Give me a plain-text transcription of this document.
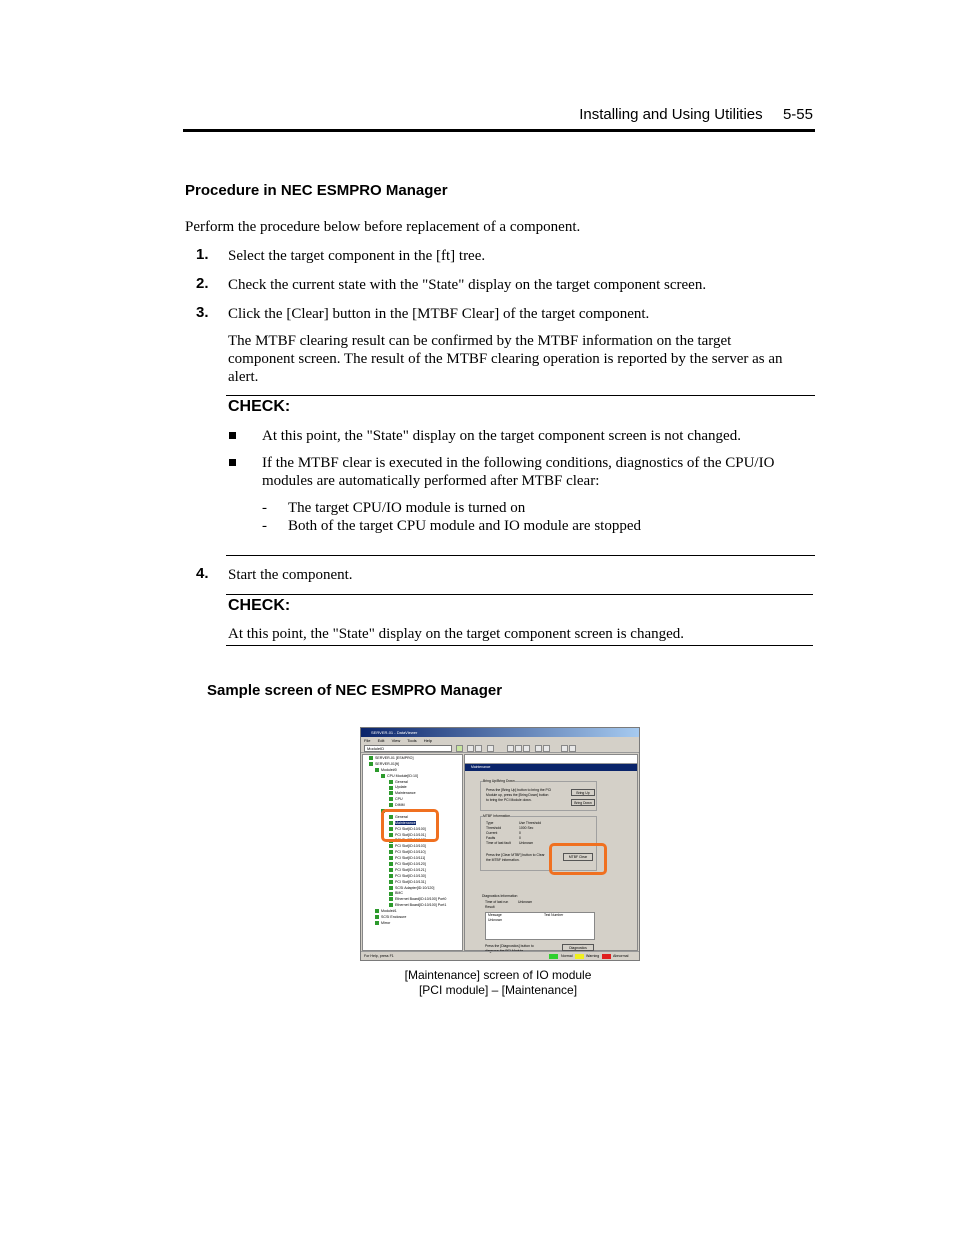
Installing and Using Utilities 5-55
Procedure in NEC ESMPRO Manager
Perform the procedure below before replacement of a component.
1. Select the target component in the [ft] tree.
2. Check the current state with the "State" display on the target component screen.
3. Click the [Clear] button in the [MTBF Clear] of the target component.
The MTBF clearing result can be confirmed by the MTBF information on the target
component screen. The result of the MTBF clearing operation is reported by the server as an
alert.
CHECK:
At this point, the "State" display on the target component screen is not changed.
If the MTBF clear is executed in the following conditions, diagnostics of the CPU/IO
modules are automatically performed after MTBF clear:
- The target CPU/IO module is turned on
- Both of the target CPU module and IO module are stopped
4. Start the component.
CHECK:
At this point, the "State" display on the target component screen is changed.
Sample screen of NEC ESMPRO Manager
SERVER-01 - DataViewer
File Edit View Tools Help
ModuleID
SERVER-01 [ESMPRO]
SERVER-01[ft]
Module#0
CPU Module[ID:10]
General
Update
Maintenance
CPU
DIMM
PCI Module
General
Maintenance
PCI Slot[ID:10/100]
PCI Slot[ID:10/101]
PCI Slot[ID:10/102]
PCI Slot[ID:10/103]
PCI Slot[ID:10/110]
PCI Slot[ID:10/111]
PCI Slot[ID:10/120]
PCI Slot[ID:10/121]
PCI Slot[ID:10/130]
PCI Slot[ID:10/131]
SCSI Adapter[ID:10/120]
BMC
Ethernet Board[ID:10/100] Port0
Ethernet Board[ID:10/100] Port1
Module#1
SCSI Enclosure
Mirror
Maintenance
Bring Up/Bring Down
Press the [Bring Up] button to bring the PCI
Module up, press the [Bring Down] button
to bring the PCI Module down.
Bring Up
Bring Down
MTBF Information
Type	Use Threshold
Threshold	1000 Sec
Current	0
Faults	0
Time of last fault Unknown
Press the [Clear MTBF] button to Clear
the MTBF information.
MTBF Clear
Diagnostics Information
Time of last run	Unknown
Result
Message	Test Number
Unknown
Press the [Diagnostics] button to
diagnose the PCI Module.
Diagnostics
For Help, press F1	Normal	Warning	Abnormal
[Maintenance] screen of IO module
[PCI module] – [Maintenance]
